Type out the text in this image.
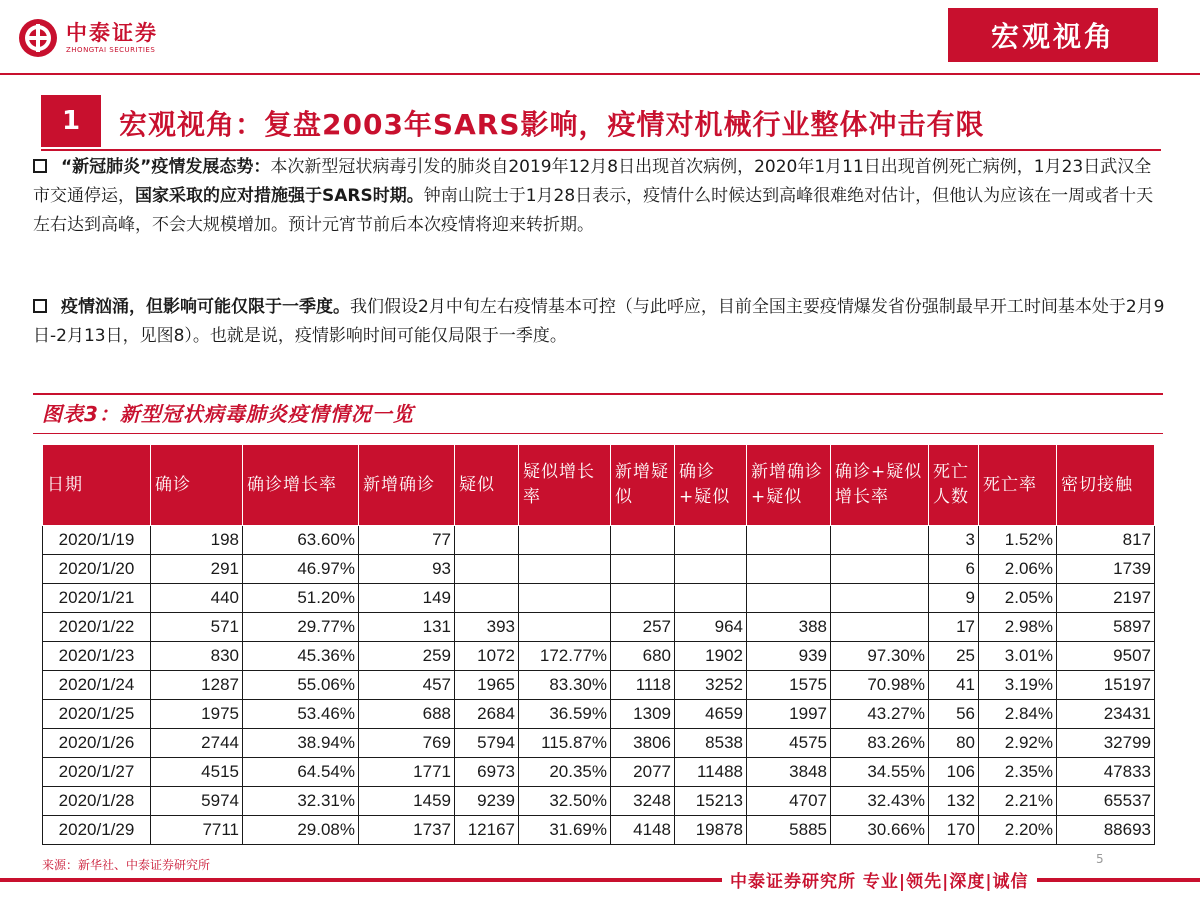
中泰证券
ZHONGTAI SECURITIES	宏观视角
1	宏观视角：复盘2003年SARS影响，疫情对机械行业整体冲击有限
“新冠肺炎”疫情发展态势：本次新型冠状病毒引发的肺炎自2019年12月8日出现首次病例，2020年1月11日出现首例死亡病例，1月23日武汉全市交通停运，国家采取的应对措施强于SARS时期。钟南山院士于1月28日表示，疫情什么时候达到高峰很难绝对估计，但他认为应该在一周或者十天左右达到高峰，不会大规模增加。预计元宵节前后本次疫情将迎来转折期。
疫情汹涌，但影响可能仅限于一季度。我们假设2月中旬左右疫情基本可控（与此呼应，目前全国主要疫情爆发省份强制最早开工时间基本处于2月9日-2月13日，见图8）。也就是说，疫情影响时间可能仅局限于一季度。
图表3：新型冠状病毒肺炎疫情情况一览
日期	确诊	确诊增长率	新增确诊	疑似	疑似增长率	新增疑似	确诊+疑似	新增确诊+疑似	确诊+疑似增长率	死亡人数	死亡率	密切接触
2020/1/19	198	63.60%	77							3	1.52%	817
2020/1/20	291	46.97%	93							6	2.06%	1739
2020/1/21	440	51.20%	149							9	2.05%	2197
2020/1/22	571	29.77%	131	393		257	964	388		17	2.98%	5897
2020/1/23	830	45.36%	259	1072	172.77%	680	1902	939	97.30%	25	3.01%	9507
2020/1/24	1287	55.06%	457	1965	83.30%	1118	3252	1575	70.98%	41	3.19%	15197
2020/1/25	1975	53.46%	688	2684	36.59%	1309	4659	1997	43.27%	56	2.84%	23431
2020/1/26	2744	38.94%	769	5794	115.87%	3806	8538	4575	83.26%	80	2.92%	32799
2020/1/27	4515	64.54%	1771	6973	20.35%	2077	11488	3848	34.55%	106	2.35%	47833
2020/1/28	5974	32.31%	1459	9239	32.50%	3248	15213	4707	32.43%	132	2.21%	65537
2020/1/29	7711	29.08%	1737	12167	31.69%	4148	19878	5885	30.66%	170	2.20%	88693
来源：新华社、中泰证券研究所	5
中泰证券研究所 专业|领先|深度|诚信
